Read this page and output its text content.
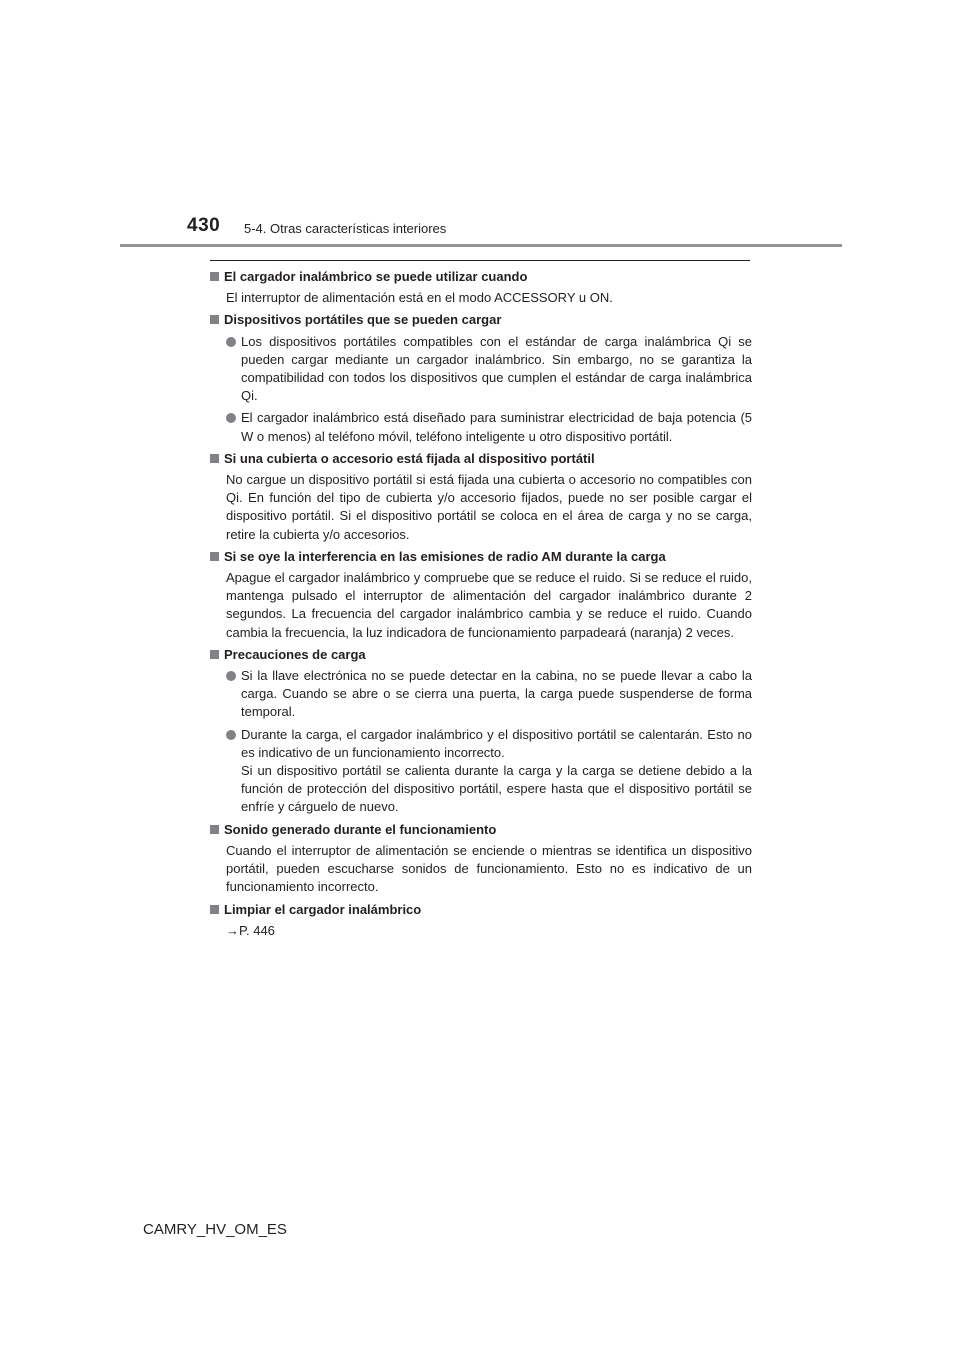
430 5-4. Otras características interiores
El cargador inalámbrico se puede utilizar cuando

El interruptor de alimentación está en el modo ACCESSORY u ON.

Dispositivos portátiles que se pueden cargar
Los dispositivos portátiles compatibles con el estándar de carga inalámbrica Qi se pueden cargar mediante un cargador inalámbrico. Sin embargo, no se garantiza la compatibilidad con todos los dispositivos que cumplen el estándar de carga inalámbrica Qi.
El cargador inalámbrico está diseñado para suministrar electricidad de baja potencia (5 W o menos) al teléfono móvil, teléfono inteligente u otro dispositivo portátil.
Si una cubierta o accesorio está fijada al dispositivo portátil

No cargue un dispositivo portátil si está fijada una cubierta o accesorio no compatibles con Qi. En función del tipo de cubierta y/o accesorio fijados, puede no ser posible cargar el dispositivo portátil. Si el dispositivo portátil se coloca en el área de carga y no se carga, retire la cubierta y/o accesorios.

Si se oye la interferencia en las emisiones de radio AM durante la carga

Apague el cargador inalámbrico y compruebe que se reduce el ruido. Si se reduce el ruido, mantenga pulsado el interruptor de alimentación del cargador inalámbrico durante 2 segundos. La frecuencia del cargador inalámbrico cambia y se reduce el ruido. Cuando cambia la frecuencia, la luz indicadora de funcionamiento parpadeará (naranja) 2 veces.

Precauciones de carga
Si la llave electrónica no se puede detectar en la cabina, no se puede llevar a cabo la carga. Cuando se abre o se cierra una puerta, la carga puede suspenderse de forma temporal.
Durante la carga, el cargador inalámbrico y el dispositivo portátil se calentarán. Esto no es indicativo de un funcionamiento incorrecto.
Si un dispositivo portátil se calienta durante la carga y la carga se detiene debido a la función de protección del dispositivo portátil, espere hasta que el dispositivo portátil se enfríe y cárguelo de nuevo.
Sonido generado durante el funcionamiento

Cuando el interruptor de alimentación se enciende o mientras se identifica un dispositivo portátil, pueden escucharse sonidos de funcionamiento. Esto no es indicativo de un funcionamiento incorrecto.

Limpiar el cargador inalámbrico

→P. 446

CAMRY_HV_OM_ES
